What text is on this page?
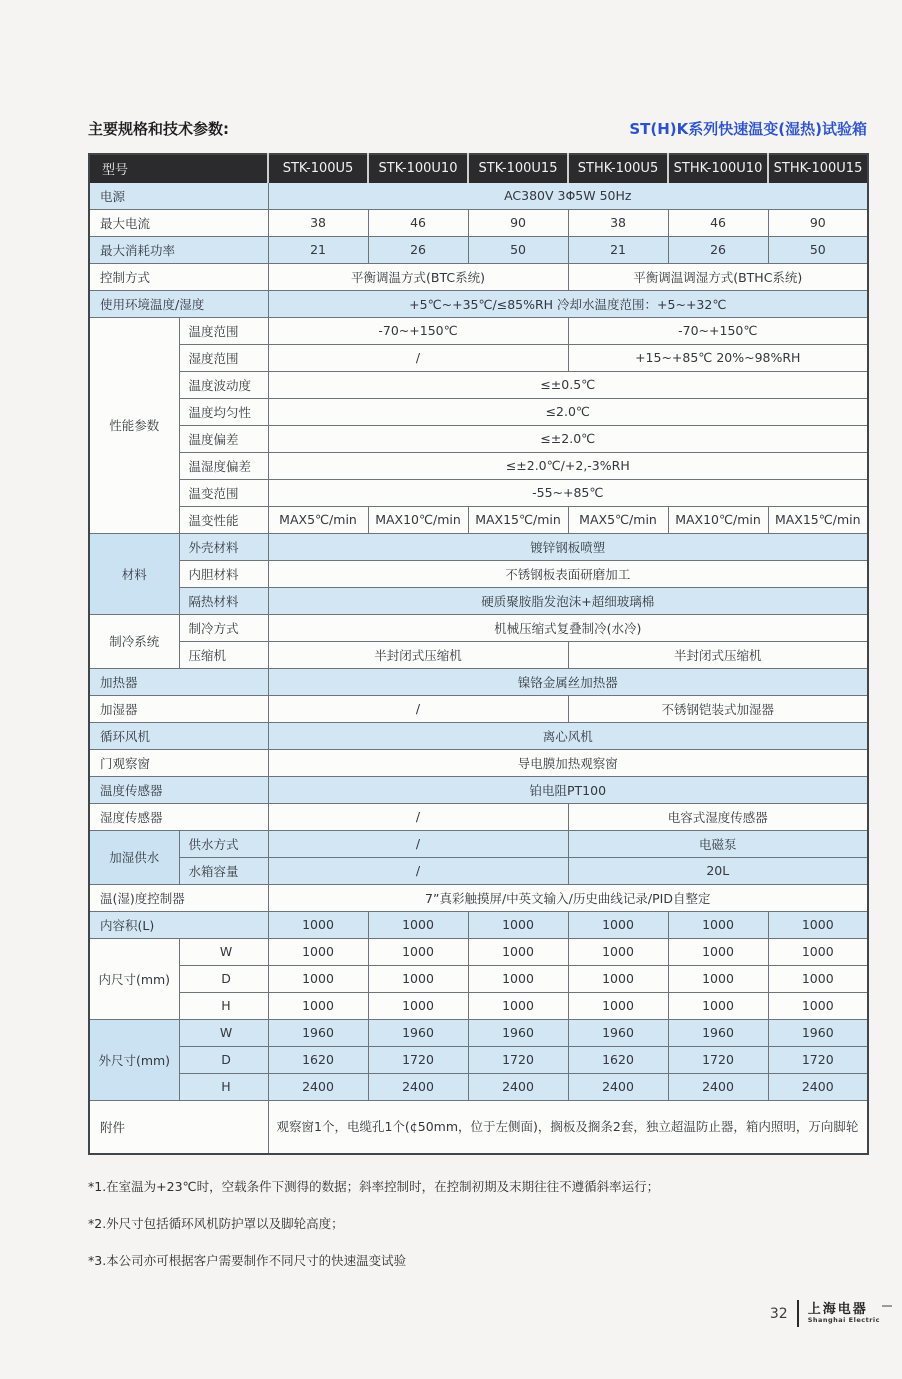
主要规格和技术参数:	ST(H)K系列快速温变(湿热)试验箱
型号		STK-100U5	STK-100U10	STK-100U15	STHK-100U5	STHK-100U10	STHK-100U15
电源		AC380V 3Φ5W 50Hz					
最大电流		38	46	90	38	46	90
最大消耗功率		21	26	50	21	26	50
控制方式		平衡调温方式(BTC系统)			平衡调温调湿方式(BTHC系统)		
使用环境温度/湿度		+5℃~+35℃/≤85%RH 冷却水温度范围：+5~+32℃					
性能参数	温度范围	-70~+150℃			-70~+150℃		
	湿度范围	/			+15~+85℃ 20%~98%RH		
	温度波动度	≤±0.5℃					
	温度均匀性	≤2.0℃					
	温度偏差	≤±2.0℃					
	温湿度偏差	≤±2.0℃/+2,-3%RH					
	温变范围	-55~+85℃					
	温变性能	MAX5℃/min	MAX10℃/min	MAX15℃/min	MAX5℃/min	MAX10℃/min	MAX15℃/min
材料	外壳材料	镀锌钢板喷塑					
	内胆材料	不锈钢板表面研磨加工					
	隔热材料	硬质聚胺脂发泡沫+超细玻璃棉					
制冷系统	制冷方式	机械压缩式复叠制冷(水冷)					
	压缩机	半封闭式压缩机			半封闭式压缩机		
加热器		镍铬金属丝加热器					
加湿器		/			不锈钢铠装式加湿器		
循环风机		离心风机					
门观察窗		导电膜加热观察窗					
温度传感器		铂电阻PT100					
湿度传感器		/			电容式湿度传感器		
加湿供水	供水方式	/			电磁泵		
	水箱容量	/			20L		
温(湿)度控制器		7”真彩触摸屏/中英文输入/历史曲线记录/PID自整定					
内容积(L)		1000	1000	1000	1000	1000	1000
内尺寸(mm)	W	1000	1000	1000	1000	1000	1000
	D	1000	1000	1000	1000	1000	1000
	H	1000	1000	1000	1000	1000	1000
外尺寸(mm)	W	1960	1960	1960	1960	1960	1960
	D	1620	1720	1720	1620	1720	1720
	H	2400	2400	2400	2400	2400	2400
附件		观察窗1个，电缆孔1个(¢50mm，位于左侧面)，搁板及搁条2套，独立超温防止器，箱内照明，万向脚轮					

*1.在室温为+23℃时，空载条件下测得的数据；斜率控制时，在控制初期及末期往往不遵循斜率运行；

*2.外尺寸包括循环风机防护罩以及脚轮高度；

*3.本公司亦可根据客户需要制作不同尺寸的快速温变试验

32 上海电器
Shanghai Electric
